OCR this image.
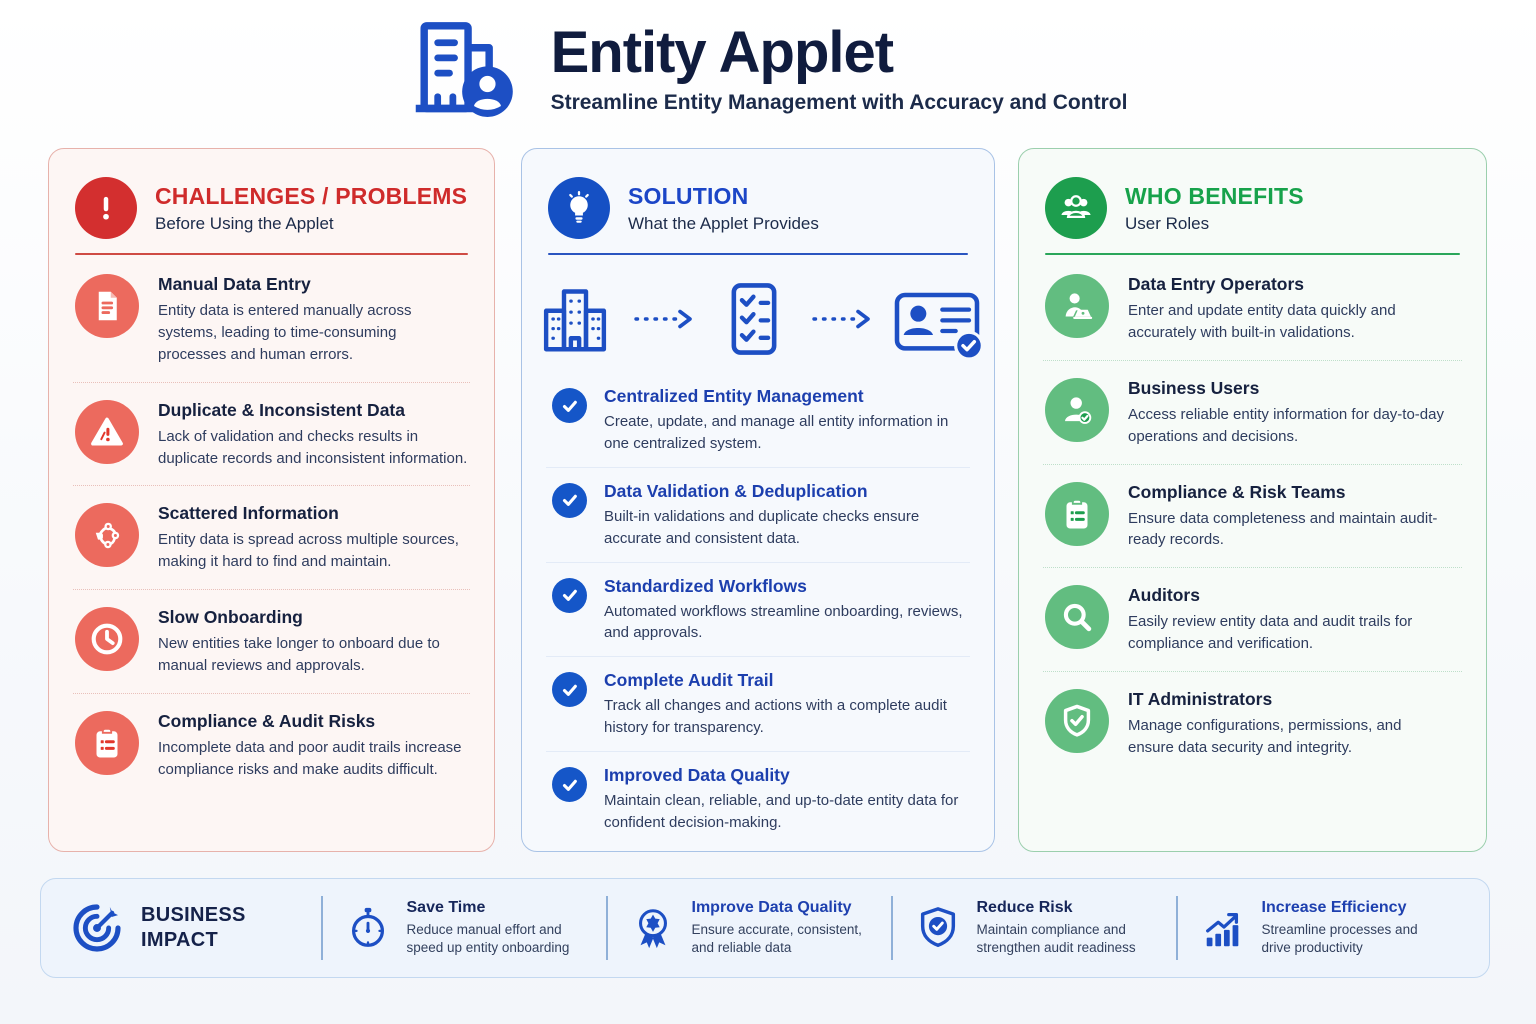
Entity Applet
Streamline Entity Management with Accuracy and Control
CHALLENGES / PROBLEMS
Before Using the Applet
Manual Data Entry
Entity data is entered manually across systems, leading to time-consuming processes and human errors.
Duplicate & Inconsistent Data
Lack of validation and checks results in duplicate records and inconsistent information.
Scattered Information
Entity data is spread across multiple sources, making it hard to find and maintain.
Slow Onboarding
New entities take longer to onboard due to manual reviews and approvals.
Compliance & Audit Risks
Incomplete data and poor audit trails increase compliance risks and make audits difficult.
SOLUTION
What the Applet Provides
Centralized Entity Management
Create, update, and manage all entity information in one centralized system.
Data Validation & Deduplication
Built-in validations and duplicate checks ensure accurate and consistent data.
Standardized Workflows
Automated workflows streamline onboarding, reviews, and approvals.
Complete Audit Trail
Track all changes and actions with a complete audit history for transparency.
Improved Data Quality
Maintain clean, reliable, and up-to-date entity data for confident decision-making.
WHO BENEFITS
User Roles
Data Entry Operators
Enter and update entity data quickly and accurately with built-in validations.
Business Users
Access reliable entity information for day-to-day operations and decisions.
Compliance & Risk Teams
Ensure data completeness and maintain audit-ready records.
Auditors
Easily review entity data and audit trails for compliance and verification.
IT Administrators
Manage configurations, permissions, and ensure data security and integrity.
BUSINESS
IMPACT
Save Time
Reduce manual effort and speed up entity onboarding
Improve Data Quality
Ensure accurate, consistent, and reliable data
Reduce Risk
Maintain compliance and strengthen audit readiness
Increase Efficiency
Streamline processes and drive productivity
